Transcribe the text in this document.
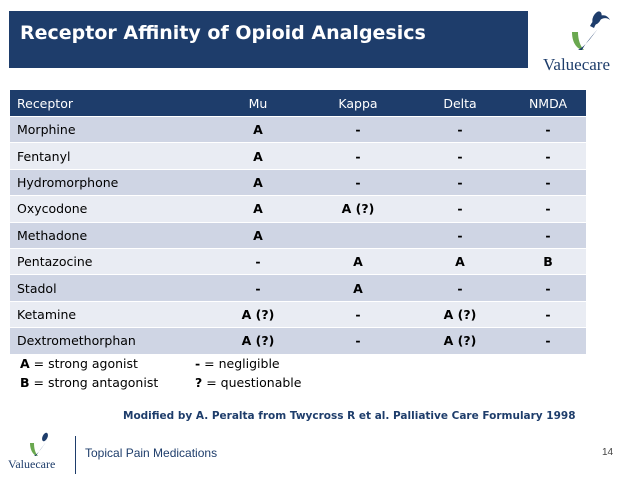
Receptor Affinity of Opioid Analgesics
Valuecare
Receptor	Mu	Kappa	Delta	NMDA
Morphine	A	-	-	-
Fentanyl	A	-	-	-
Hydromorphone	A	-	-	-
Oxycodone	A	A (?)	-	-
Methadone	A		-	-
Pentazocine	-	A	A	B
Stadol	-	A	-	-
Ketamine	A (?)	-	A (?)	-
Dextromethorphan	A (?)	-	A (?)	-
A = strong agonist	- = negligible
B = strong antagonist	? = questionable
Modified by A. Peralta from Twycross R et al. Palliative Care Formulary 1998
Valuecare
Topical Pain Medications	14
